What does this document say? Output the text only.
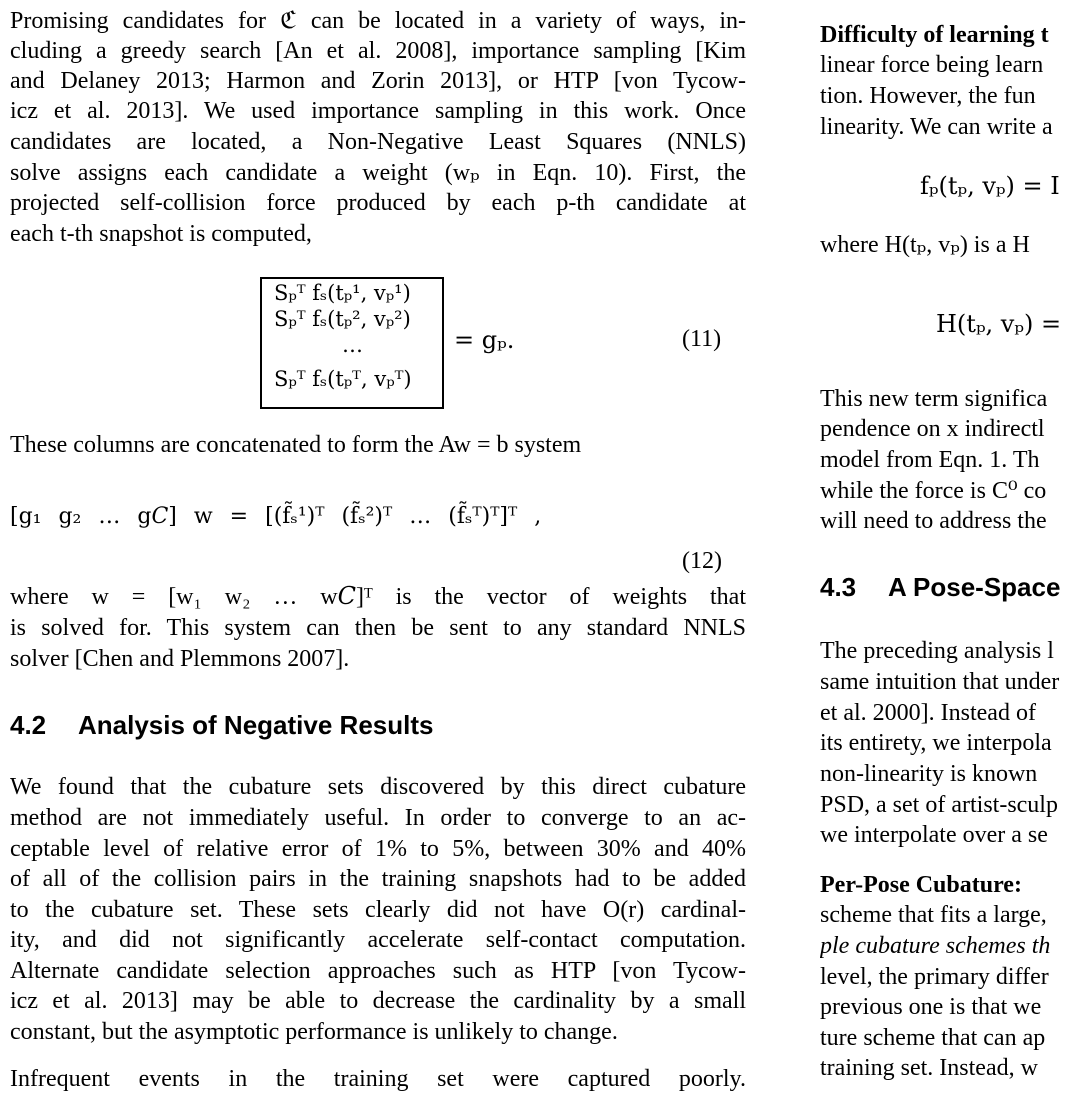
Promising candidates for ℭ can be located in a variety of ways, in-
cluding a greedy search [An et al. 2008], importance sampling [Kim
and Delaney 2013; Harmon and Zorin 2013], or HTP [von Tycow-
icz et al. 2013]. We used importance sampling in this work. Once
candidates are located, a Non-Negative Least Squares (NNLS)
solve assigns each candidate a weight (wₚ in Eqn. 10). First, the
projected self-collision force produced by each p-th candidate at
each t-th snapshot is computed,
Sₚᵀ fₛ(tₚ¹, vₚ¹)
Sₚᵀ fₛ(tₚ², vₚ²)
…
Sₚᵀ fₛ(tₚᵀ, vₚᵀ)
= gₚ.	(11)
These columns are concatenated to form the Aw = b system
[g₁ g₂ … g𝐶] w = [(f̃ₛ¹)ᵀ (f̃ₛ²)ᵀ … (f̃ₛᵀ)ᵀ]ᵀ ,
(12)
where w = [w₁ w₂ … w𝐶]ᵀ is the vector of weights that
is solved for. This system can then be sent to any standard NNLS
solver [Chen and Plemmons 2007].
4.2 Analysis of Negative Results
We found that the cubature sets discovered by this direct cubature
method are not immediately useful. In order to converge to an ac-
ceptable level of relative error of 1% to 5%, between 30% and 40%
of all of the collision pairs in the training snapshots had to be added
to the cubature set. These sets clearly did not have O(r) cardinal-
ity, and did not significantly accelerate self-contact computation.
Alternate candidate selection approaches such as HTP [von Tycow-
icz et al. 2013] may be able to decrease the cardinality by a small
constant, but the asymptotic performance is unlikely to change.
Infrequent events in the training set were captured poorly.
Difficulty of learning t
linear force being learn
tion. However, the fun
linearity. We can write a
fₚ(tₚ, vₚ) = I
where H(tₚ, vₚ) is a H
H(tₚ, vₚ) =
This new term significa
pendence on x indirectl
model from Eqn. 1. Th
while the force is C⁰ co
will need to address the
4.3 A Pose-Space
The preceding analysis l
same intuition that under
et al. 2000]. Instead of
its entirety, we interpola
non-linearity is known
PSD, a set of artist-sculp
we interpolate over a se
Per-Pose Cubature:
scheme that fits a large,
ple cubature schemes th
level, the primary differ
previous one is that we
ture scheme that can ap
training set. Instead, w
